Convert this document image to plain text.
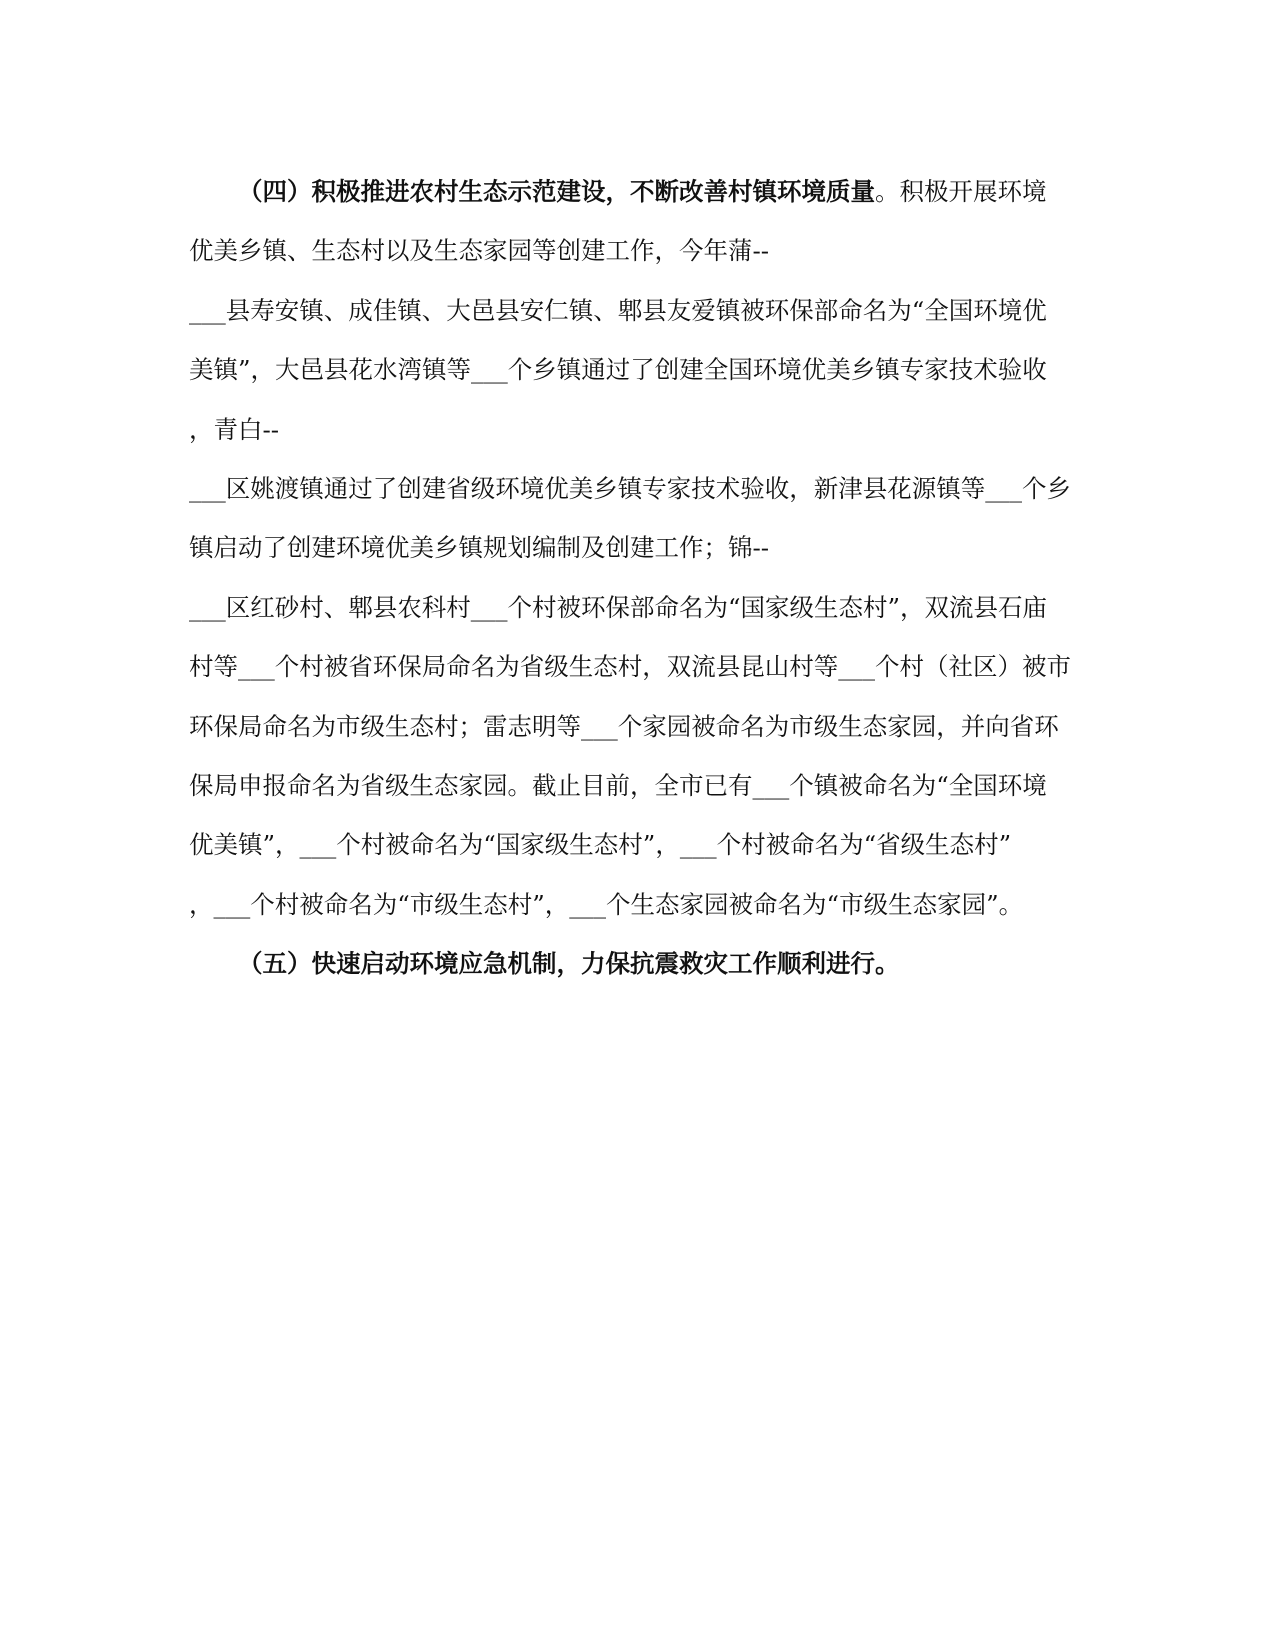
（四）积极推进农村生态示范建设，不断改善村镇环境质量。积极开展环境
优美乡镇、生态村以及生态家园等创建工作，今年蒲--
___县寿安镇、成佳镇、大邑县安仁镇、郫县友爱镇被环保部命名为“全国环境优
美镇”，大邑县花水湾镇等___个乡镇通过了创建全国环境优美乡镇专家技术验收
，青白--
___区姚渡镇通过了创建省级环境优美乡镇专家技术验收，新津县花源镇等___个乡
镇启动了创建环境优美乡镇规划编制及创建工作；锦--
___区红砂村、郫县农科村___个村被环保部命名为“国家级生态村”，双流县石庙
村等___个村被省环保局命名为省级生态村，双流县昆山村等___个村（社区）被市
环保局命名为市级生态村；雷志明等___个家园被命名为市级生态家园，并向省环
保局申报命名为省级生态家园。截止目前，全市已有___个镇被命名为“全国环境
优美镇”，___个村被命名为“国家级生态村”，___个村被命名为“省级生态村”
，___个村被命名为“市级生态村”，___个生态家园被命名为“市级生态家园”。
（五）快速启动环境应急机制，力保抗震救灾工作顺利进行。
